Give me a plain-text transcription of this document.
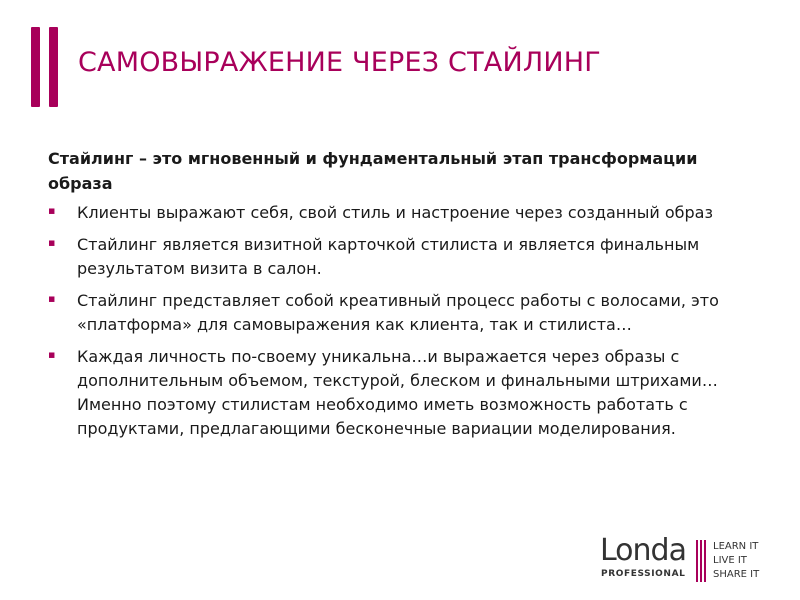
САМОВЫРАЖЕНИЕ ЧЕРЕЗ СТАЙЛИНГ

Стайлинг – это мгновенный и фундаментальный этап трансформации образа

▪ Клиенты выражают себя, свой стиль и настроение через созданный образ
▪ Стайлинг является визитной карточкой стилиста и является финальным результатом визита в салон.
▪ Стайлинг представляет собой креативный процесс работы с волосами, это «платформа» для самовыражения как клиента, так и стилиста…
▪ Каждая личность по-своему уникальна…и выражается через образы с дополнительным объемом, текстурой, блеском и финальными штрихами…Именно поэтому стилистам необходимо иметь возможность работать с продуктами, предлагающими бесконечные вариации моделирования.
Londa
PROFESSIONAL
LEARN IT
LIVE IT
SHARE IT
